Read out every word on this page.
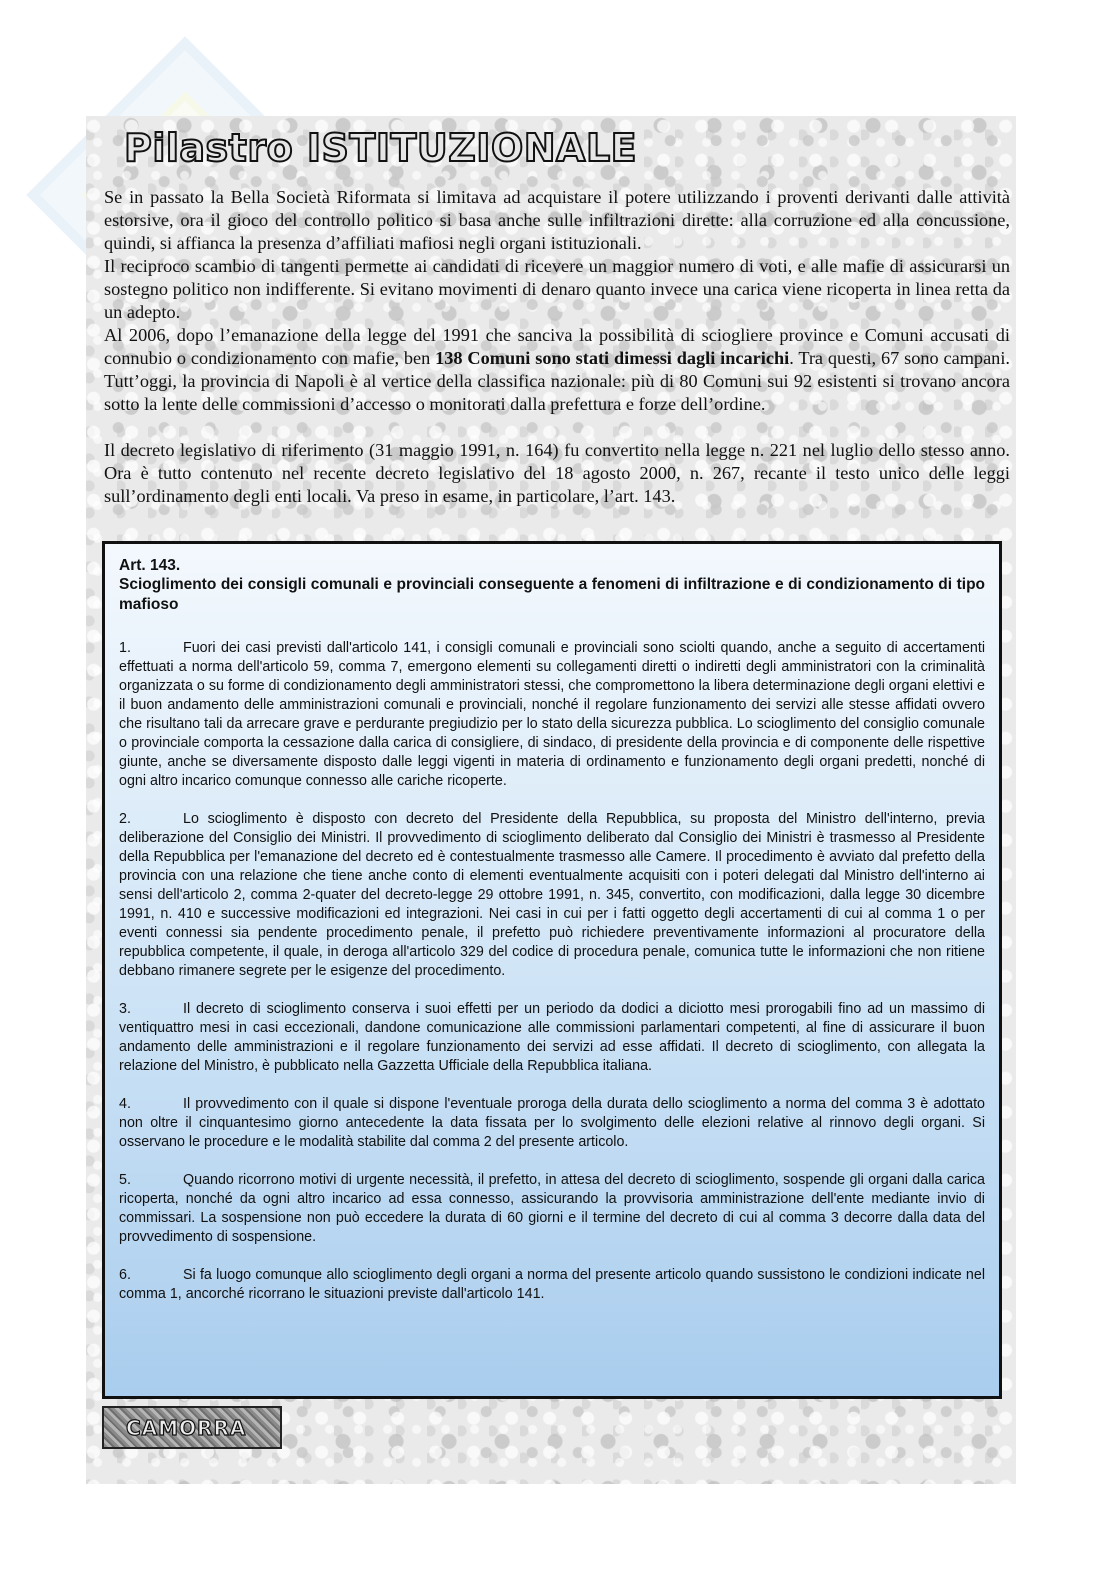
Pilastro ISTITUZIONALE

Se in passato la Bella Società Riformata si limitava ad acquistare il potere utilizzando i proventi derivanti dalle attività estorsive, ora il gioco del controllo politico si basa anche sulle infiltrazioni dirette: alla corruzione ed alla concussione, quindi, si affianca la presenza d’affiliati mafiosi negli organi istituzionali.

Il reciproco scambio di tangenti permette ai candidati di ricevere un maggior numero di voti, e alle mafie di assicurarsi un sostegno politico non indifferente. Si evitano movimenti di denaro quanto invece una carica viene ricoperta in linea retta da un adepto.

Al 2006, dopo l’emanazione della legge del 1991 che sanciva la possibilità di sciogliere province e Comuni accusati di connubio o condizionamento con mafie, ben 138 Comuni sono stati dimessi dagli incarichi. Tra questi, 67 sono campani. Tutt’oggi, la provincia di Napoli è al vertice della classifica nazionale: più di 80 Comuni sui 92 esistenti si trovano ancora sotto la lente delle commissioni d’accesso o monitorati dalla prefettura e forze dell’ordine.

Il decreto legislativo di riferimento (31 maggio 1991, n. 164) fu convertito nella legge n. 221 nel luglio dello stesso anno. Ora è tutto contenuto nel recente decreto legislativo del 18 agosto 2000, n. 267, recante il testo unico delle leggi sull’ordinamento degli enti locali. Va preso in esame, in particolare, l’art. 143.

Art. 143.

Scioglimento dei consigli comunali e provinciali conseguente a fenomeni di infiltrazione e di condizionamento di tipo mafioso

1.	Fuori dei casi previsti dall'articolo 141, i consigli comunali e provinciali sono sciolti quando, anche a seguito di accertamenti effettuati a norma dell'articolo 59, comma 7, emergono elementi su collegamenti diretti o indiretti degli amministratori con la criminalità organizzata o su forme di condizionamento degli amministratori stessi, che compromettono la libera determinazione degli organi elettivi e il buon andamento delle amministrazioni comunali e provinciali, nonché il regolare funzionamento dei servizi alle stesse affidati ovvero che risultano tali da arrecare grave e perdurante pregiudizio per lo stato della sicurezza pubblica. Lo scioglimento del consiglio comunale o provinciale comporta la cessazione dalla carica di consigliere, di sindaco, di presidente della provincia e di componente delle rispettive giunte, anche se diversamente disposto dalle leggi vigenti in materia di ordinamento e funzionamento degli organi predetti, nonché di ogni altro incarico comunque connesso alle cariche ricoperte.

2.	Lo scioglimento è disposto con decreto del Presidente della Repubblica, su proposta del Ministro dell'interno, previa deliberazione del Consiglio dei Ministri. Il provvedimento di scioglimento deliberato dal Consiglio dei Ministri è trasmesso al Presidente della Repubblica per l'emanazione del decreto ed è contestualmente trasmesso alle Camere. Il procedimento è avviato dal prefetto della provincia con una relazione che tiene anche conto di elementi eventualmente acquisiti con i poteri delegati dal Ministro dell'interno ai sensi dell'articolo 2, comma 2-quater del decreto-legge 29 ottobre 1991, n. 345, convertito, con modificazioni, dalla legge 30 dicembre 1991, n. 410 e successive modificazioni ed integrazioni. Nei casi in cui per i fatti oggetto degli accertamenti di cui al comma 1 o per eventi connessi sia pendente procedimento penale, il prefetto può richiedere preventivamente informazioni al procuratore della repubblica competente, il quale, in deroga all'articolo 329 del codice di procedura penale, comunica tutte le informazioni che non ritiene debbano rimanere segrete per le esigenze del procedimento.

3.	Il decreto di scioglimento conserva i suoi effetti per un periodo da dodici a diciotto mesi prorogabili fino ad un massimo di ventiquattro mesi in casi eccezionali, dandone comunicazione alle commissioni parlamentari competenti, al fine di assicurare il buon andamento delle amministrazioni e il regolare funzionamento dei servizi ad esse affidati. Il decreto di scioglimento, con allegata la relazione del Ministro, è pubblicato nella Gazzetta Ufficiale della Repubblica italiana.

4.	Il provvedimento con il quale si dispone l'eventuale proroga della durata dello scioglimento a norma del comma 3 è adottato non oltre il cinquantesimo giorno antecedente la data fissata per lo svolgimento delle elezioni relative al rinnovo degli organi. Si osservano le procedure e le modalità stabilite dal comma 2 del presente articolo.

5.	Quando ricorrono motivi di urgente necessità, il prefetto, in attesa del decreto di scioglimento, sospende gli organi dalla carica ricoperta, nonché da ogni altro incarico ad essa connesso, assicurando la provvisoria amministrazione dell'ente mediante invio di commissari. La sospensione non può eccedere la durata di 60 giorni e il termine del decreto di cui al comma 3 decorre dalla data del provvedimento di sospensione.

6.	Si fa luogo comunque allo scioglimento degli organi a norma del presente articolo quando sussistono le condizioni indicate nel comma 1, ancorché ricorrano le situazioni previste dall'articolo 141.

CAMORRA
